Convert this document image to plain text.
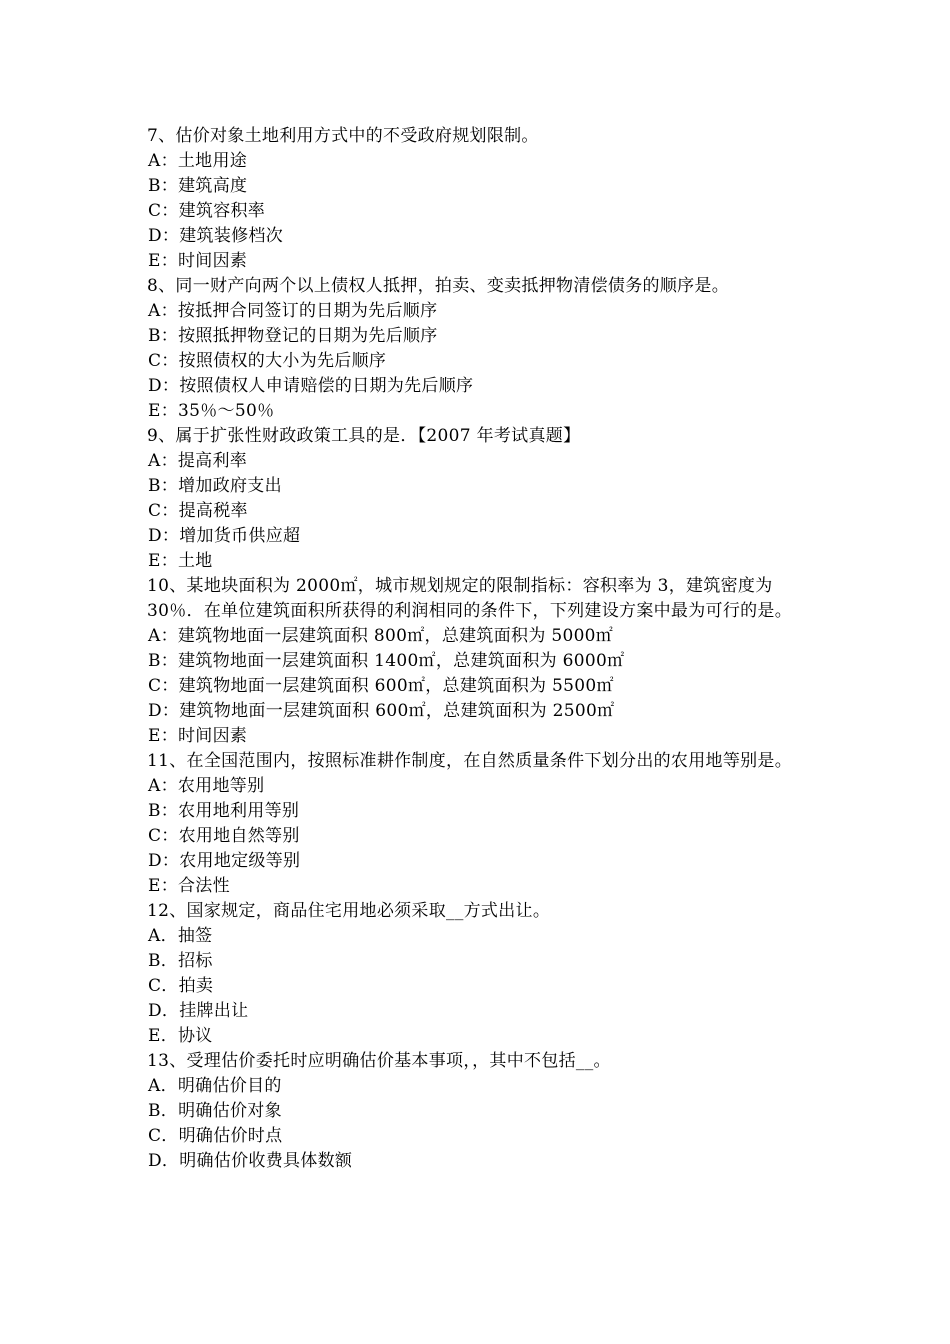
7、估价对象土地利用方式中的不受政府规划限制。
A：土地用途
B：建筑高度
C：建筑容积率
D：建筑装修档次
E：时间因素
8、同一财产向两个以上债权人抵押，拍卖、变卖抵押物清偿债务的顺序是。
A：按抵押合同签订的日期为先后顺序
B：按照抵押物登记的日期为先后顺序
C：按照债权的大小为先后顺序
D：按照债权人申请赔偿的日期为先后顺序
E：35％～50％
9、属于扩张性财政政策工具的是．【2007 年考试真题】
A：提高利率
B：增加政府支出
C：提高税率
D：增加货币供应超
E：土地
10、某地块面积为 2000㎡，城市规划规定的限制指标：容积率为 3，建筑密度为 30％．在单位建筑面积所获得的利润相同的条件下，下列建设方案中最为可行的是。
A：建筑物地面一层建筑面积 800㎡，总建筑面积为 5000㎡
B：建筑物地面一层建筑面积 1400㎡，总建筑面积为 6000㎡
C：建筑物地面一层建筑面积 600㎡，总建筑面积为 5500㎡
D：建筑物地面一层建筑面积 600㎡，总建筑面积为 2500㎡
E：时间因素
11、在全国范围内，按照标准耕作制度，在自然质量条件下划分出的农用地等别是。
A：农用地等别
B：农用地利用等别
C：农用地自然等别
D：农用地定级等别
E：合法性
12、国家规定，商品住宅用地必须采取__方式出让。
A．抽签
B．招标
C．拍卖
D．挂牌出让
E．协议
13、受理估价委托时应明确估价基本事项，，其中不包括__。
A．明确估价目的
B．明确估价对象
C．明确估价时点
D．明确估价收费具体数额
